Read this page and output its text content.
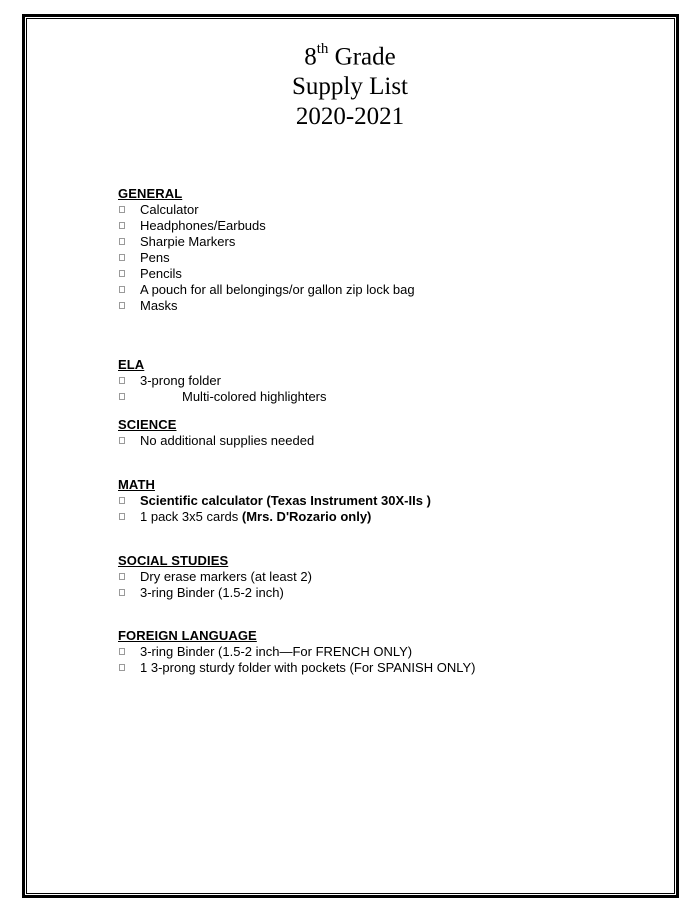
8th Grade
Supply List
2020-2021
GENERAL
Calculator
Headphones/Earbuds
Sharpie Markers
Pens
Pencils
A pouch for all belongings/or gallon zip lock bag
Masks
ELA
3-prong folder
Multi-colored highlighters
SCIENCE
No additional supplies needed
MATH
Scientific calculator (Texas Instrument 30X-IIs )
1 pack 3x5 cards (Mrs. D'Rozario only)
SOCIAL STUDIES
Dry erase markers (at least 2)
3-ring Binder (1.5-2 inch)
FOREIGN LANGUAGE
3-ring Binder (1.5-2 inch—For FRENCH ONLY)
1 3-prong sturdy folder with pockets (For SPANISH ONLY)
